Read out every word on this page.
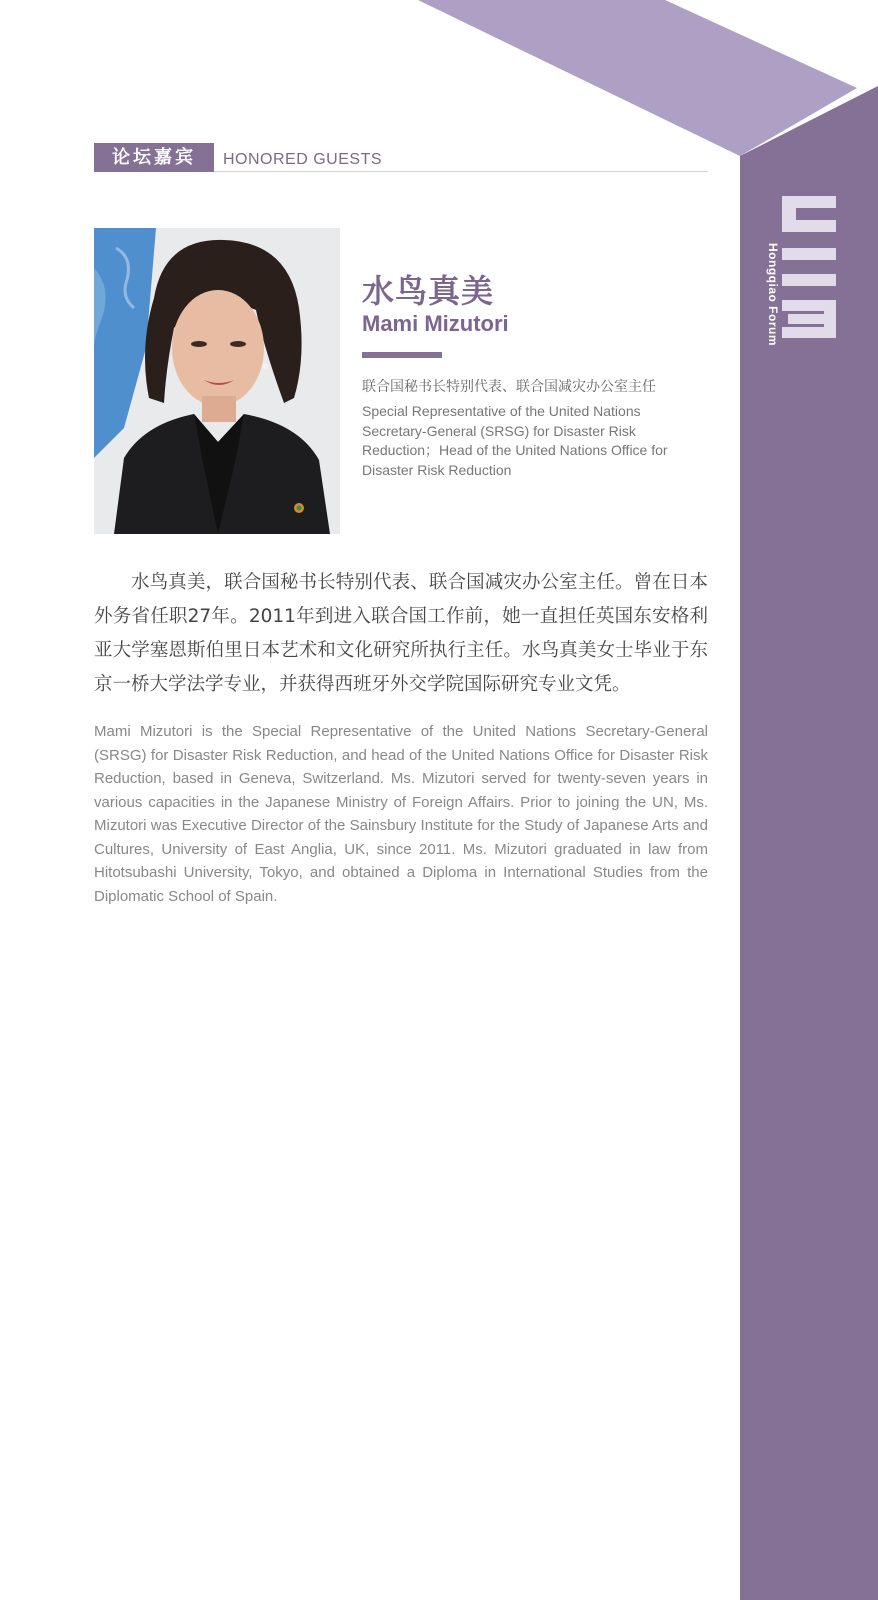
论坛嘉宾	HONORED GUESTS
Hongqiao Forum
水鸟真美
Mami Mizutori
联合国秘书长特别代表、联合国减灾办公室主任
Special Representative of the United Nations Secretary-General (SRSG) for Disaster Risk Reduction；Head of the United Nations Office for Disaster Risk Reduction

水鸟真美，联合国秘书长特别代表、联合国减灾办公室主任。曾在日本外务省任职27年。2011年到进入联合国工作前，她一直担任英国东安格利亚大学塞恩斯伯里日本艺术和文化研究所执行主任。水鸟真美女士毕业于东京一桥大学法学专业，并获得西班牙外交学院国际研究专业文凭。

Mami Mizutori is the Special Representative of the United Nations Secretary-General (SRSG) for Disaster Risk Reduction, and head of the United Nations Office for Disaster Risk Reduction, based in Geneva, Switzerland. Ms. Mizutori served for twenty-seven years in various capacities in the Japanese Ministry of Foreign Affairs. Prior to joining the UN, Ms. Mizutori was Executive Director of the Sainsbury Institute for the Study of Japanese Arts and Cultures, University of East Anglia, UK, since 2011. Ms. Mizutori graduated in law from Hitotsubashi University, Tokyo, and obtained a Diploma in International Studies from the Diplomatic School of Spain.
